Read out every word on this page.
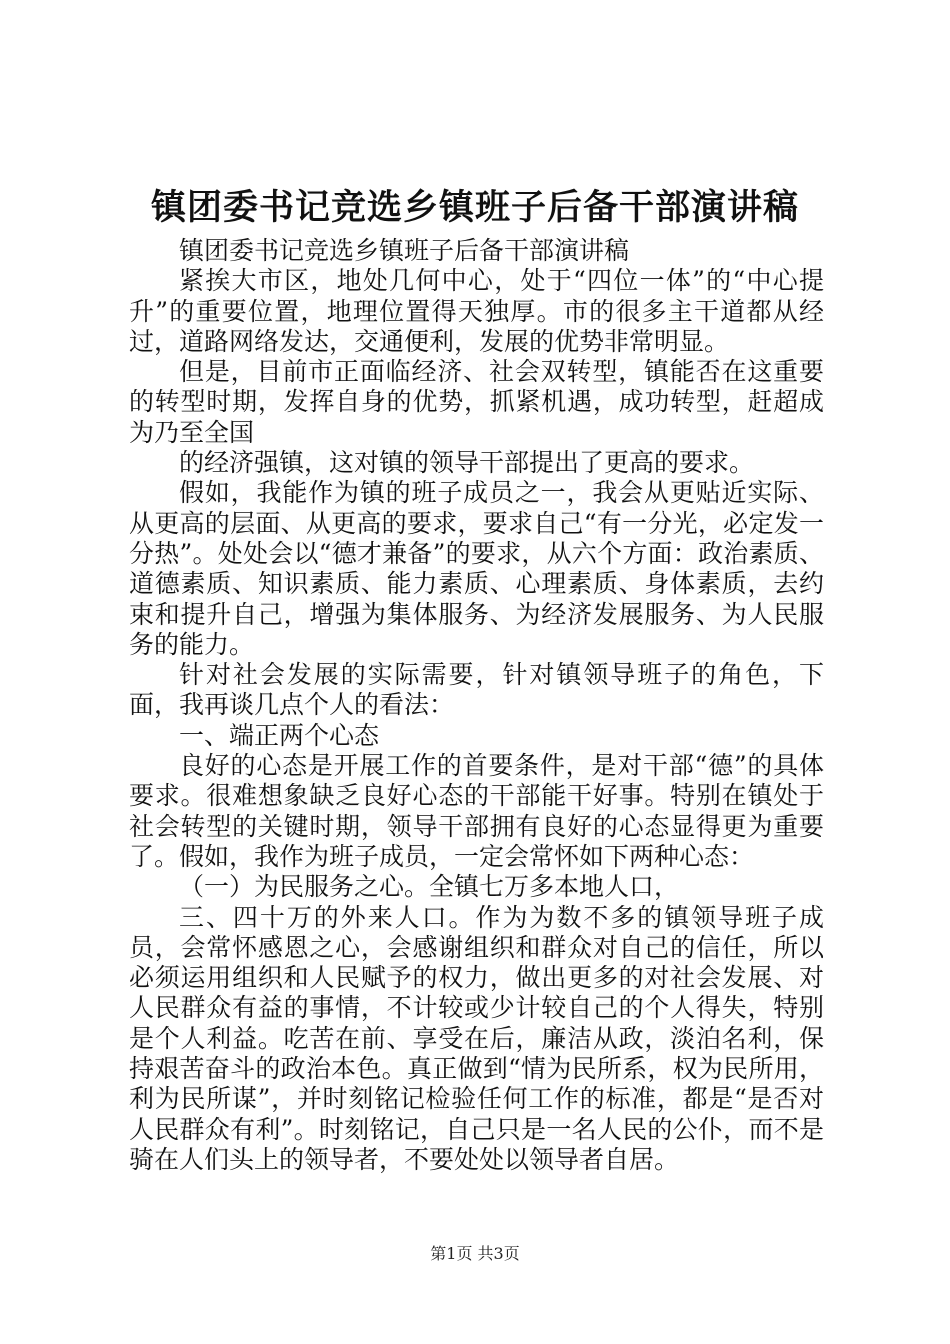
镇团委书记竞选乡镇班子后备干部演讲稿

镇团委书记竞选乡镇班子后备干部演讲稿

紧挨大市区，地处几何中心，处于“四位一体”的“中心提升”的重要位置，地理位置得天独厚。市的很多主干道都从经过，道路网络发达，交通便利，发展的优势非常明显。

但是，目前市正面临经济、社会双转型，镇能否在这重要的转型时期，发挥自身的优势，抓紧机遇，成功转型，赶超成为乃至全国

的经济强镇，这对镇的领导干部提出了更高的要求。

假如，我能作为镇的班子成员之一，我会从更贴近实际、从更高的层面、从更高的要求，要求自己“有一分光，必定发一分热”。处处会以“德才兼备”的要求，从六个方面：政治素质、道德素质、知识素质、能力素质、心理素质、身体素质，去约束和提升自己，增强为集体服务、为经济发展服务、为人民服务的能力。

针对社会发展的实际需要，针对镇领导班子的角色，下面，我再谈几点个人的看法：

一、端正两个心态

良好的心态是开展工作的首要条件，是对干部“德”的具体要求。很难想象缺乏良好心态的干部能干好事。特别在镇处于社会转型的关键时期，领导干部拥有良好的心态显得更为重要了。假如，我作为班子成员，一定会常怀如下两种心态：

（一）为民服务之心。全镇七万多本地人口，

三、四十万的外来人口。作为为数不多的镇领导班子成员，会常怀感恩之心，会感谢组织和群众对自己的信任，所以必须运用组织和人民赋予的权力，做出更多的对社会发展、对人民群众有益的事情，不计较或少计较自己的个人得失，特别是个人利益。吃苦在前、享受在后，廉洁从政，淡泊名利，保持艰苦奋斗的政治本色。真正做到“情为民所系，权为民所用，利为民所谋”，并时刻铭记检验任何工作的标准，都是“是否对人民群众有利”。时刻铭记，自己只是一名人民的公仆，而不是骑在人们头上的领导者，不要处处以领导者自居。

第1页 共3页
